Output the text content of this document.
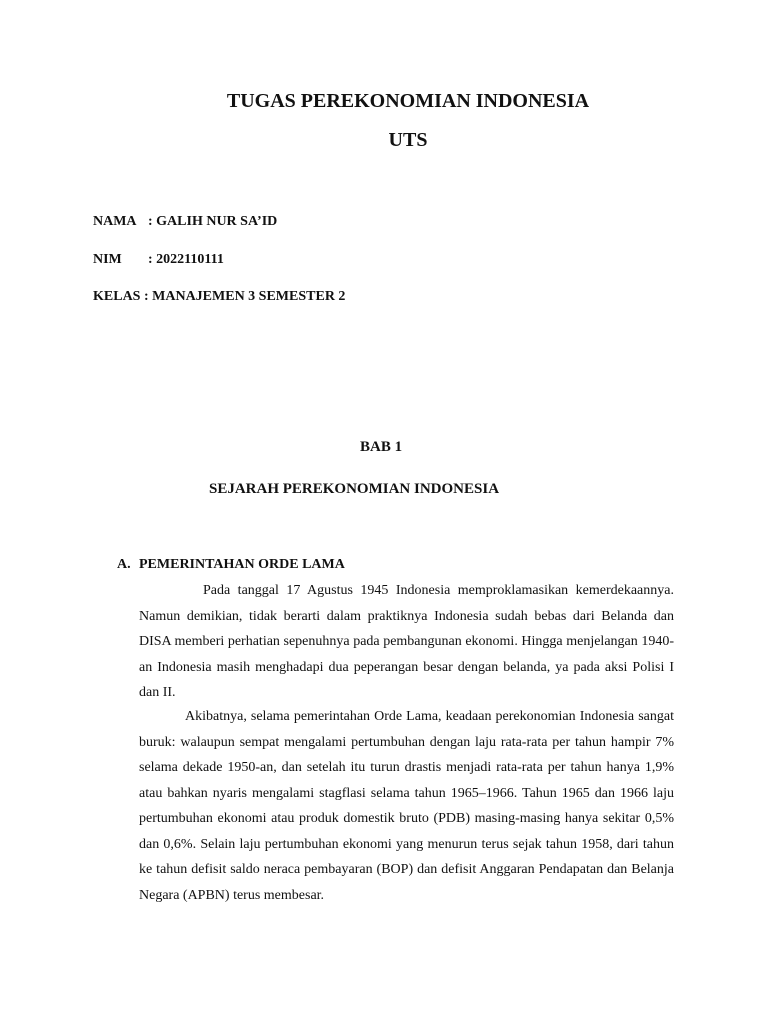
TUGAS PEREKONOMIAN INDONESIA
UTS
NAMA : GALIH NUR SA’ID
NIM : 2022110111
KELAS : MANAJEMEN 3 SEMESTER 2
BAB 1
SEJARAH PEREKONOMIAN INDONESIA
A. PEMERINTAHAN ORDE LAMA

Pada tanggal 17 Agustus 1945 Indonesia memproklamasikan kemerdekaannya. Namun demikian, tidak berarti dalam praktiknya Indonesia sudah bebas dari Belanda dan DISA memberi perhatian sepenuhnya pada pembangunan ekonomi. Hingga menjelangan 1940-an Indonesia masih menghadapi dua peperangan besar dengan belanda, ya pada aksi Polisi I dan II.

Akibatnya, selama pemerintahan Orde Lama, keadaan perekonomian Indonesia sangat buruk: walaupun sempat mengalami pertumbuhan dengan laju rata-rata per tahun hampir 7% selama dekade 1950-an, dan setelah itu turun drastis menjadi rata-rata per tahun hanya 1,9% atau bahkan nyaris mengalami stagflasi selama tahun 1965–1966. Tahun 1965 dan 1966 laju pertumbuhan ekonomi atau produk domestik bruto (PDB) masing-masing hanya sekitar 0,5% dan 0,6%. Selain laju pertumbuhan ekonomi yang menurun terus sejak tahun 1958, dari tahun ke tahun defisit saldo neraca pembayaran (BOP) dan defisit Anggaran Pendapatan dan Belanja Negara (APBN) terus membesar.
